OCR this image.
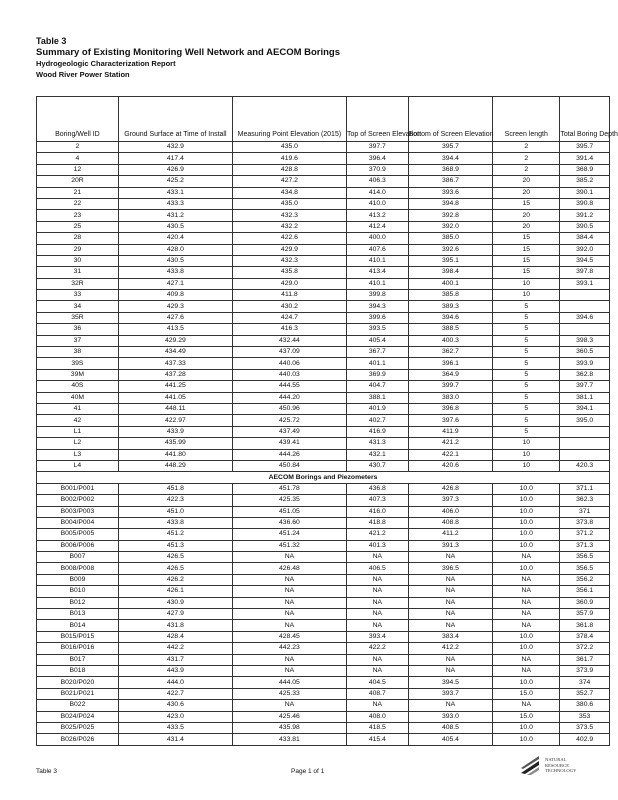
Table 3
Summary of Existing Monitoring Well Network and AECOM Borings
Hydrogeologic Characterization Report
Wood River Power Station
Boring/Well ID	Ground Surface at Time of Install	Measuring Point Elevation (2015)	Top of Screen Elevation	Bottom of Screen Elevation	Screen length	Total Boring Depth
2	432.9	435.0	397.7	395.7	2	395.7
4	417.4	419.6	396.4	394.4	2	391.4
12	426.9	428.8	370.9	368.9	2	368.9
20R	425.2	427.2	406.3	386.7	20	385.2
21	433.1	434.8	414.0	393.6	20	390.1
22	433.3	435.0	410.0	394.8	15	390.8
23	431.2	432.3	413.2	392.8	20	391.2
25	430.5	432.2	412.4	392.0	20	390.5
28	420.4	422.6	400.0	385.0	15	384.4
29	428.0	429.9	407.6	392.6	15	392.0
30	430.5	432.3	410.1	395.1	15	394.5
31	433.8	435.8	413.4	398.4	15	397.8
32R	427.1	429.0	410.1	400.1	10	393.1
33	409.8	411.8	399.8	385.8	10	
34	429.3	430.2	394.3	389.3	5	
35R	427.6	424.7	399.6	394.6	5	394.6
36	413.5	416.3	393.5	388.5	5	
37	429.29	432.44	405.4	400.3	5	398.3
38	434.49	437.09	367.7	362.7	5	360.5
39S	437.33	440.06	401.1	396.1	5	393.9
39M	437.28	440.03	369.9	364.9	5	362.8
40S	441.25	444.55	404.7	399.7	5	397.7
40M	441.05	444.20	388.1	383.0	5	381.1
41	448.11	450.96	401.9	396.8	5	394.1
42	422.97	425.72	402.7	397.6	5	395.0
L1	433.9	437.49	416.9	411.9	5	
L2	435.99	439.41	431.3	421.2	10	
L3	441.80	444.26	432.1	422.1	10	
L4	448.29	450.84	430.7	420.6	10	420.3
AECOM Borings and Piezometers						
B001/P001	451.8	451.78	436.8	426.8	10.0	371.1
B002/P002	422.3	425.35	407.3	397.3	10.0	362.3
B003/P003	451.0	451.05	416.0	406.0	10.0	371
B004/P004	433.8	436.60	418.8	408.8	10.0	373.8
B005/P005	451.2	451.24	421.2	411.2	10.0	371.2
B006/P006	451.3	451.32	401.3	391.3	10.0	371.3
B007	426.5	NA	NA	NA	NA	356.5
B008/P008	426.5	426.48	406.5	396.5	10.0	356.5
B009	426.2	NA	NA	NA	NA	356.2
B010	426.1	NA	NA	NA	NA	356.1
B012	430.9	NA	NA	NA	NA	360.9
B013	427.9	NA	NA	NA	NA	357.9
B014	431.8	NA	NA	NA	NA	361.8
B015/P015	428.4	428.45	393.4	383.4	10.0	378.4
B016/P016	442.2	442.23	422.2	412.2	10.0	372.2
B017	431.7	NA	NA	NA	NA	361.7
B018	443.9	NA	NA	NA	NA	373.9
B020/P020	444.0	444.05	404.5	394.5	10.0	374
B021/P021	422.7	425.33	408.7	393.7	15.0	352.7
B022	430.6	NA	NA	NA	NA	380.6
B024/P024	423.0	425.46	408.0	393.0	15.0	353
B025/P025	433.5	435.98	418.5	408.5	10.0	373.5
B026/P026	431.4	433.81	415.4	405.4	10.0	402.9
Table 3	Page 1 of 1
NATURAL
RESOURCE
TECHNOLOGY
